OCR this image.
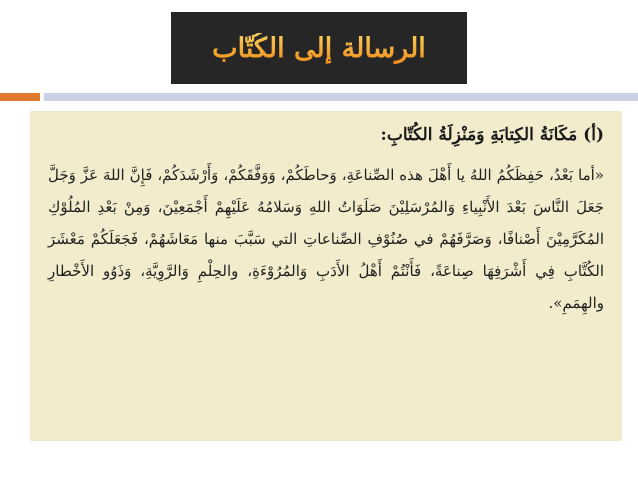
الرسالة إلى الكُتّاب
(أ) مَكَانَةُ الكِتابَةِ وَمَنْزِلَةُ الكُتّابِ:

«أما بَعْدُ، حَفِظَكُمُ اللهُ يا أَهْلَ هذه الصِّناعَةِ، وَحاطَكُمْ، وَوَفَّقَكُمْ، وَأَرْشَدَكُمْ، فَإِنَّ اللهَ عَزَّ وَجَلَّ جَعَلَ النَّاسَ بَعْدَ الأَنْبِياءِ وَالمُرْسَلِيْنَ صَلَوَاتُ اللهِ وَسَلامُهُ عَلَيْهِمْ أَجْمَعِيْنَ، وَمِنْ بَعْدِ المُلُوْكِ المُكَرَّمِيْنَ أَصْنافًا، وَصَرَّفَهُمْ في صُنُوْفِ الصِّناعاتِ التي سَبَّبَ منها مَعَاشَهُمْ، فَجَعَلَكُمْ مَعْشَرَ الكُتَّابِ فِي أَشْرَفِهَا صِناعَةً، فَأَنْتُمْ أَهْلُ الأَدَبِ وَالمُرُوْءَةِ، والحِلْمِ وَالرَّوِيَّةِ، وَذَوُو الأَخْطارِ والهِمَمِ».
